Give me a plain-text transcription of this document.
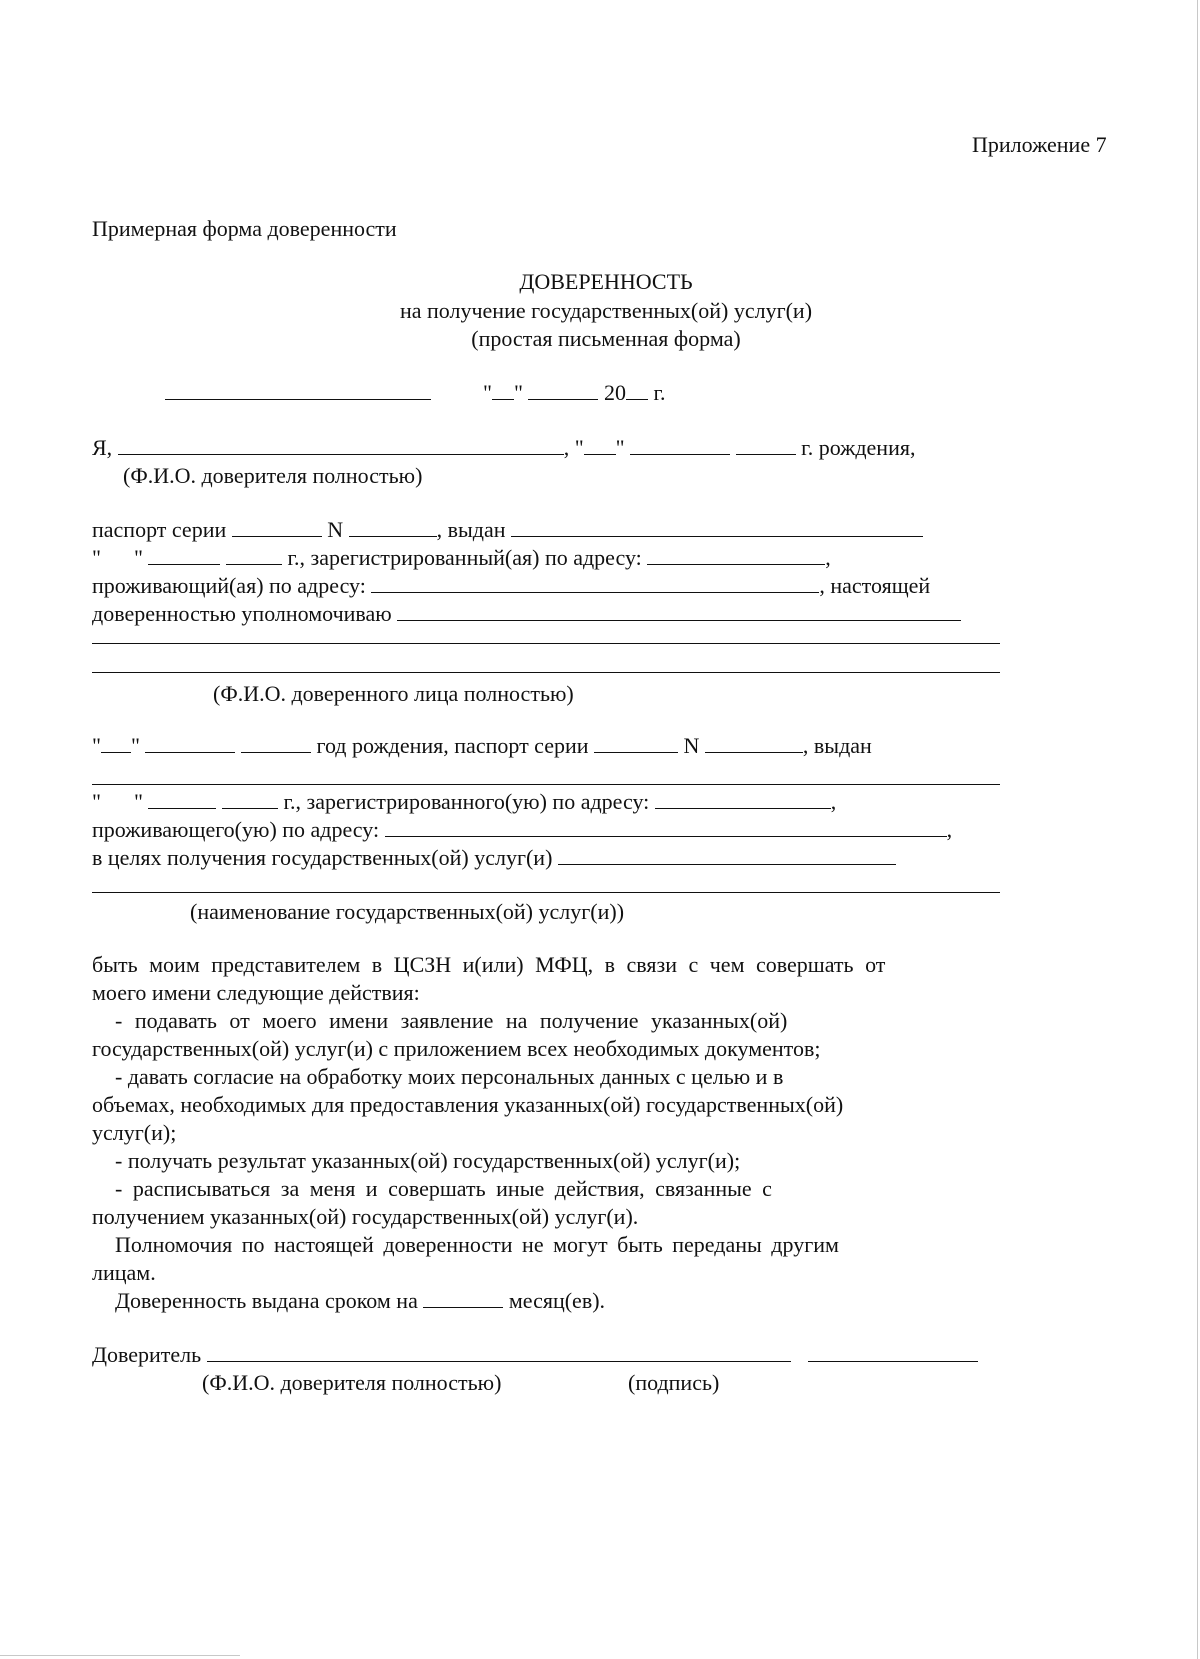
Приложение 7
Примерная форма доверенности
ДОВЕРЕННОСТЬ
на получение государственных(ой) услуг(и)
(простая письменная форма)
" "	20 г.
Я,	, " "	г. рождения,
(Ф.И.О. доверителя полностью)
паспорт серии	N	, выдан
" "	г., зарегистрированный(ая) по адресу:	,
проживающий(ая) по адресу:	, настоящей
доверенностью уполномочиваю
(Ф.И.О. доверенного лица полностью)
" "	год рождения, паспорт серии	N	, выдан
" "	г., зарегистрированного(ую) по адресу:	,
проживающего(ую) по адресу:	,
в целях получения государственных(ой) услуг(и)
(наименование государственных(ой) услуг(и))
быть моим представителем в ЦСЗН и(или) МФЦ, в связи с чем совершать от
моего имени следующие действия:
- подавать от моего имени заявление на получение указанных(ой)
государственных(ой) услуг(и) с приложением всех необходимых документов;
- давать согласие на обработку моих персональных данных с целью и в
объемах, необходимых для предоставления указанных(ой) государственных(ой)
услуг(и);
- получать результат указанных(ой) государственных(ой) услуг(и);
- расписываться за меня и совершать иные действия, связанные с
получением указанных(ой) государственных(ой) услуг(и).
Полномочия по настоящей доверенности не могут быть переданы другим
лицам.
Доверенность выдана сроком на	месяц(ев).
Доверитель
(Ф.И.О. доверителя полностью)	(подпись)
